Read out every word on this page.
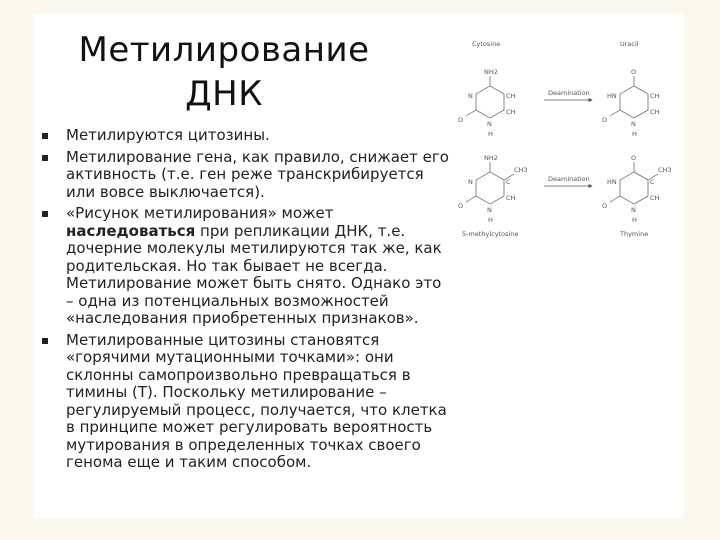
Метилирование
ДНК
Метилируются цитозины.
Метилирование гена, как правило, снижает его активность (т.е. ген реже транскрибируется или вовсе выключается).
«Рисунок метилирования» может наследоваться при репликации ДНК, т.е. дочерние молекулы метилируются так же, как родительская. Но так бывает не всегда. Метилирование может быть снято. Однако это – одна из потенциальных возможностей «наследования приобретенных признаков».
Метилированные цитозины становятся «горячими мутационными точками»: они склонны самопроизвольно превращаться в тимины (Т). Поскольку метилирование – регулируемый процесс, получается, что клетка в принципе может регулировать вероятность мутирования в определенных точках своего генома еще и таким способом.
Cytosine	Uracil
NH2
N	CH
CH
O	N
H
Deamination
O
HN	CH
CH
O	N
H
NH2
CH3
N	C
CH
O	N
H
Deamination
O
CH3
HN	C
CH
O	N
H
5-methylcytosine	Thymine
